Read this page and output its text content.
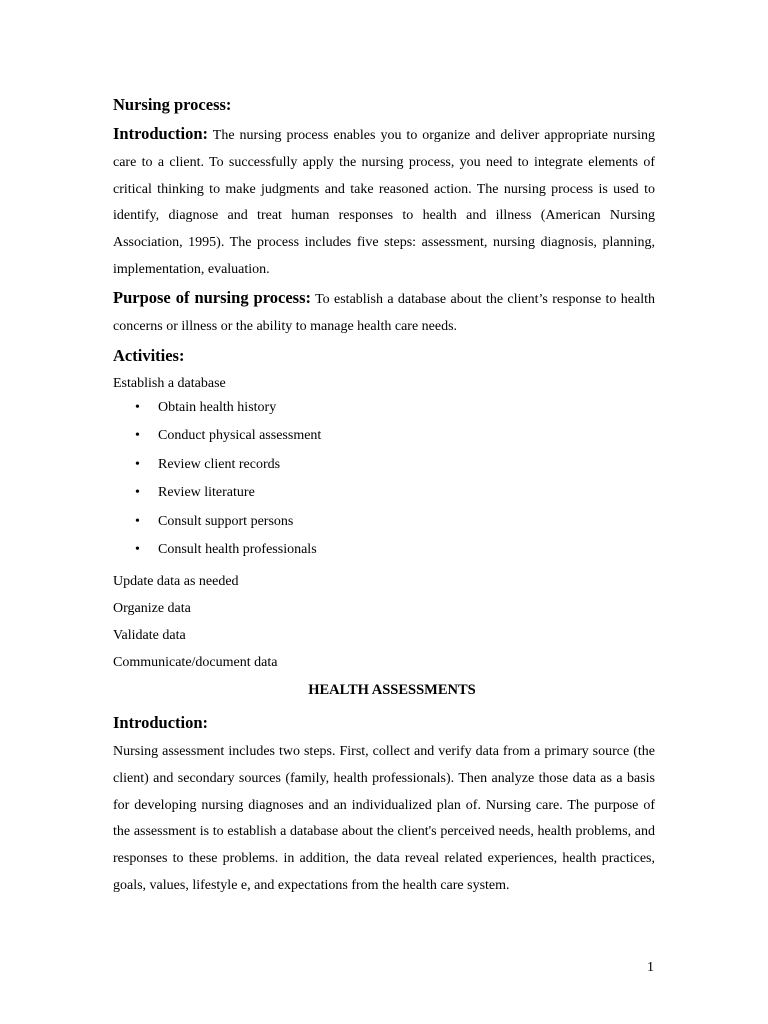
Nursing process:

Introduction: The nursing process enables you to organize and deliver appropriate nursing care to a client. To successfully apply the nursing process, you need to integrate elements of critical thinking to make judgments and take reasoned action. The nursing process is used to identify, diagnose and treat human responses to health and illness (American Nursing Association, 1995). The process includes five steps: assessment, nursing diagnosis, planning, implementation, evaluation.

Purpose of nursing process: To establish a database about the client’s response to health concerns or illness or the ability to manage health care needs.

Activities:
Establish a database
• Obtain health history
• Conduct physical assessment
• Review client records
• Review literature
• Consult support persons
• Consult health professionals
Update data as needed
Organize data
Validate data
Communicate/document data
HEALTH ASSESSMENTS
Introduction:

Nursing assessment includes two steps. First, collect and verify data from a primary source (the client) and secondary sources (family, health professionals). Then analyze those data as a basis for developing nursing diagnoses and an individualized plan of. Nursing care. The purpose of the assessment is to establish a database about the client's perceived needs, health problems, and responses to these problems. in addition, the data reveal related experiences, health practices, goals, values, lifestyle e, and expectations from the health care system.

1
